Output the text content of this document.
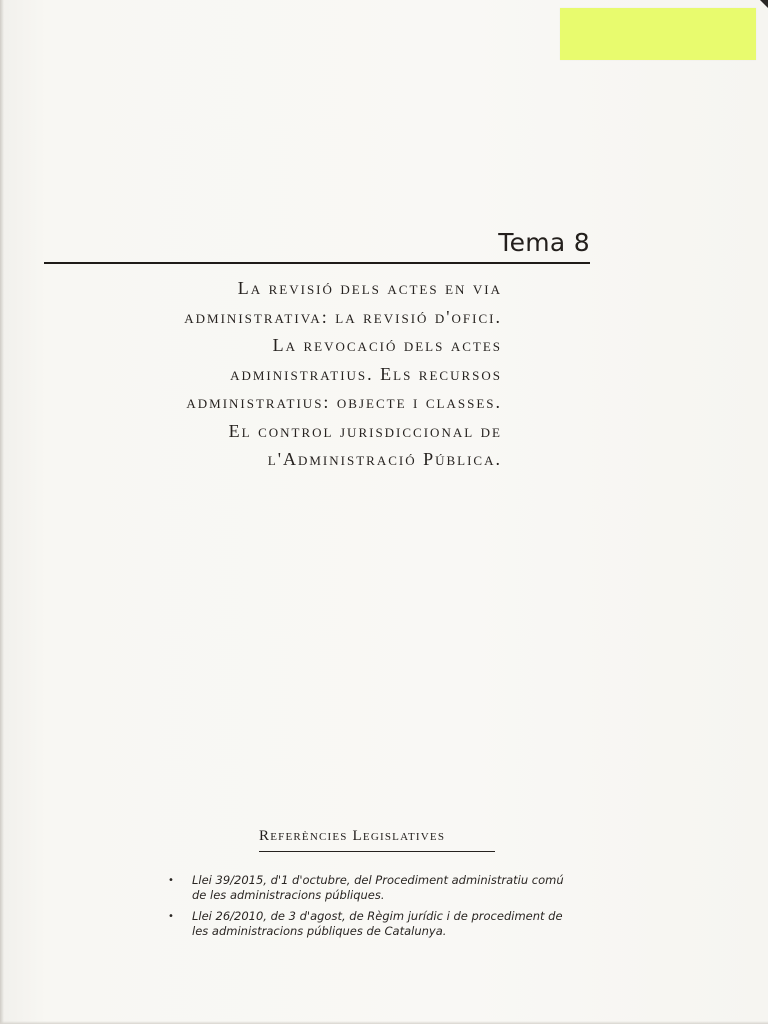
Tema 8
La revisió dels actes en via
administrativa: la revisió d'ofici.
La revocació dels actes
administratius. Els recursos
administratius: objecte i classes.
El control jurisdiccional de
l'Administració Pública.
Referències Legislatives
• Llei 39/2015, d'1 d'octubre, del Procediment administratiu comú
de les administracions públiques.
• Llei 26/2010, de 3 d'agost, de Règim jurídic i de procediment de
les administracions públiques de Catalunya.
